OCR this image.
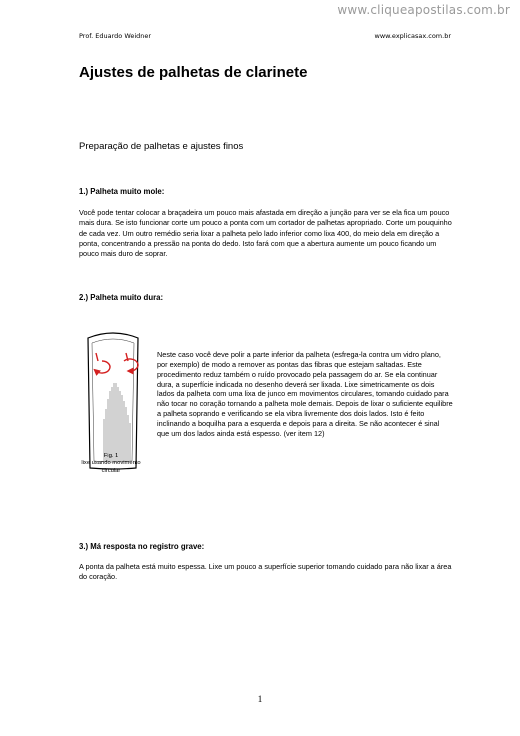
www.cliqueapostilas.com.br
Prof. Eduardo Weidner	www.explicasax.com.br
Ajustes de palhetas de clarinete
Preparação de palhetas e ajustes finos
1.) Palheta muito mole:

Você pode tentar colocar a braçadeira um pouco mais afastada em direção a junção para ver se ela fica um pouco mais dura. Se isto funcionar corte um pouco a ponta com um cortador de palhetas apropriado. Corte um pouquinho de cada vez. Um outro remédio seria lixar a palheta pelo lado inferior como lixa 400, do meio dela em direção a ponta, concentrando a pressão na ponta do dedo. Isto fará com que a abertura aumente um pouco ficando um pouco mais duro de soprar.

2.) Palheta muito dura:
Fig. 1
lixe usando movimento circular

Neste caso você deve polir a parte inferior da palheta (esfrega-la contra um vidro plano, por exemplo) de modo a remover as pontas das fibras que estejam saltadas. Este procedimento reduz também o ruído provocado pela passagem do ar. Se ela continuar dura, a superfície indicada no desenho deverá ser lixada. Lixe simetricamente os dois lados da palheta com uma lixa de junco em movimentos circulares, tomando cuidado para não tocar no coração tornando a palheta mole demais. Depois de lixar o suficiente equilibre a palheta soprando e verificando se ela vibra livremente dos dois lados. Isto é feito inclinando a boquilha para a esquerda e depois para a direita. Se não acontecer é sinal que um dos lados ainda está espesso. (ver item 12)

3.) Má resposta no registro grave:

A ponta da palheta está muito espessa. Lixe um pouco a superfície superior tomando cuidado para não lixar a área do coração.

1
